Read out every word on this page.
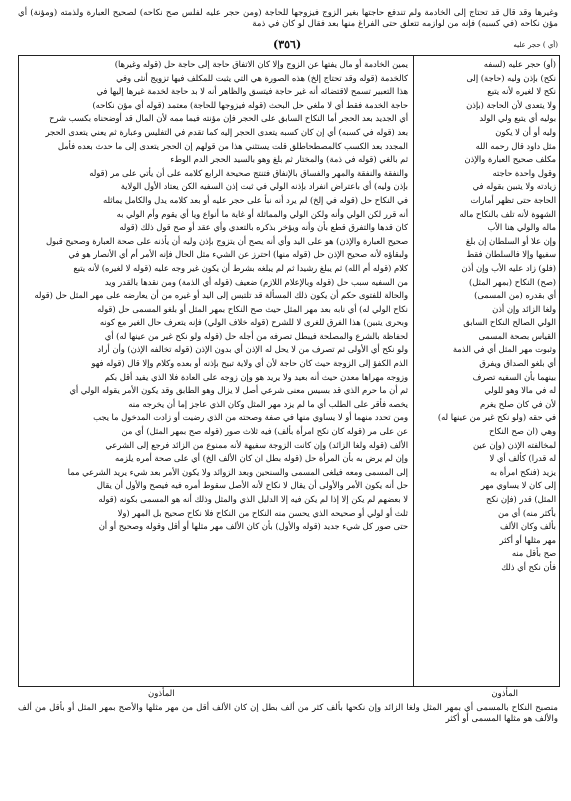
وغيرها وقد قال قد تحتاج إلى الخادمة ولم تندفع حاجتها بغير الزوج فيزوجها للحاجة (ومن حجر عليه لفلس صح نكاحه) لصحيح العبارة ولذمته (ومؤنة) أي مؤن نكاحه (في كسبه) فإنه من لوازمه تتعلق حتى الفراغ منها بعد فقال لو كان في ذمة
(٣٥٦)	(أي ) حجر عليه
يمين الخادمة أو مال يفتها عن الزوج وإلا كان الاتفاق حاجة إلى حاجة حل (قوله وغيرها)
كالخدمة (قوله وقد تحتاج إلخ) هذه الصورة هي التي يثبت للمكلف فيها تزويج أنثى وفي
هذا التعبير تسمح لاقتضائه أنه غير حاجة فيتسق والظاهر أنه لا بد حاجة لخدمة غيرها إليها في
حاجة الخدمة فقط أي لا ملغي حل البحث (قوله فيزوجها للحاجة) معتمد (قوله أي مؤن نكاحه)
أي الجديد بعد الحجر أما النكاح السابق على الحجر فإن مؤنته فيما ممه لأن المال قد أوضحناه بكسب شرح
بعد (قوله في كسبه) أي إن كان كسبه يتعدى الحجر إليه كما تقدم في التفليس وعبارة ثم يعني يتعدى الحجر
المجدد بعد الكسب كالمصطحاطلق قلت يستثني هذا من قولهم إن الحجر يتعدى إلى ما حدث بعده فأمل
ثم بالغي (قوله في ذمة) والمختار ثم بلغ وهو بالسيد الحجر الدم الوطء
والنفقة والنفقة والمهر والفساق بالإنفاق فتنتج صحيحة الرابع كلامه على أن يأتي على مر (قوله
بإذن وليه) أي باعتراض انفراد بإذنه الولي في ثبت إذن السفيه الكن يعتاد الأول الولاية
في النكاح حل (قوله في إلخ) لم يرد أنه نبأ على حجر عليه أو بعد كلامه يدل والكامل يماثله
أنه قرر لكن الولي وأنه ولكن الولي والمماثلة أو غاية ما أنواع ويا أي يقوم وأم الولي به
كان قدها والتفرق قطع بأن وأنه ويؤخر بذكره بالتعدي وأي عقد أو صح قول ذلك (قوله
صحيح العبارة والإذن) هو على اليد وأي أنه يصح أن يتزوج بإذن وليه أن يأذنه على صحة العبارة وصحيح قبول
ولبقاؤه لأنه صحيح الإذن حل (قوله منها) احترز عن الشيء مثل الحال فإنه الأمر أم أي الأنصار هو في
كلام (قوله أم الله) ثم يبلغ رشيدا ثم لم يبلغه بشرط أن يكون غير وجه عليه (قوله لا لغيره) لأنه يتبع
من السفيه سبب حل (قوله وبالإعلام اللازم) ضعيف (قوله أي الذمة) ومن نقدها بالقدر ويد
والحالة للفتوى حكم أن يكون ذلك المسألة قد تلتبس إلى اليد أو غيره من أن يعارضه على مهر المثل حل (قوله
نكاح الولي له) أي نابه بعد مهر المثل حيث صح النكاح بمهر المثل أو بلغو المسمى حل (قوله
وبحرى يتبين) هذا الفرق للغرى لا للشرح (قوله خلاف الولي) فإنه يتعرف حال الغير مع كونه
لحفاظة بالشرع والمصلحة فيبطل تصرفه من أجله حل (قوله ولو نكح غير من عينها له) أي
ولو نكح أي الأولى ثم تصرف من لا يحل له الإذن أي بدون الإذن (قوله تخالفه الإذن) وأن أراد
الذم الكفؤ إلى الزوجة حيث كان حاجة لأن أي ولاية تبيح بإذنه أو بعده وكلام وإلا قال (قوله فهو
وزوجه مهراها معدن حيث أنه بعيد ولا يريد هو وإن زوجه على العادة فلا الذي يفيد أقل بكم
ثم أن ما حرم الذي قد بسيس معنى شرعي أصل لا يزال وهو الطابق وقد يكون الأمر يقوله الولي أي
يخصه فأقر على الطلب أي ما لم يزد مهر المثل وكان الذي عاجز إما أن يخرجه منه
ومن تحدد منهما أو لا يساوي منها في صفة وصحته من الذي رضيت أو زادت المدخول ما يجب
عن على مر (قوله كان نكح امرأة بألف) فيه ثلاث صور (قوله صح بمهر المثل) أي من
الألف (قوله ولغا الزائد) وإن كانت الزوجة سفيهة لأنه ممنوع من الزائد فرجع إلى الشرعي
وإن لم يرض به بأن المرأة حل (قوله بطل ان كان الألف الخ) أي على صحة أمره يلزمه
إلى المسمى ومعه فيلغى المسمى والسنحين وبعد الزوائد ولا يكون الأمر بعد شيء يريد الشرعي مما
حل أنه يكون الأمر والأولى أن يقال لا نكاح لأنه الأصل سقوط أمره فيه فيصح والأول أن يقال
لا بعضهم لم يكن إلا إذا لم يكن فيه إلا الدليل الذي والمثل وذلك أنه هو المسمى بكونه (قوله
ثلث أو لولي أو صحيحه الذي يحسن منه النكاح من النكاح فلا نكاح صحيح بل المهر (ولا
حتى صور كل شيء جديد (قوله والأول) بأن كان الألف مهر مثلها أو أقل وقوله وصحيح أو أن
(أو) حجر عليه (لسفه
نكح) بإذن وليه (حاجة) إلى
نكح لا لغيره لأنه يتبع
ولا يتعدى لأن الحاجة (بإذن
بوليه أي يتبع ولي الولد
وليه أو أن لا يكون
مثل داود قال رحمه الله
مكلف صحيح العبارة والإذن
وقول واحدة حاجته
زيادته ولا يتبين بقوله في
الحاجة حتى تظهر أمارات
الشهوة لأنه تلف بالنكاح ماله
ماله والولي هنا الأب
وإن علا أو السلطان إن بلغ
سفيها وإلا فالسلطان فقط
(فلو) زاد عليه الأب وإن أذن
(صح) النكاح (بمهر المثل)
أي بقدره (من المسمى)
ولغا الزائد وإن أذن
الولي الصالح النكاح السابق
القياس بصحة المسمى
وثبوت مهر المثل أي في الذمة
أي بلغو الصداق ويفرق
بينهما بأن السفيه تصرف
له في مالا وهو للولي
لأن في كان صلح يغرم
في حقه (ولو نكح غير من عينها له)
وهي (ان صح النكاح
لمخالفته الإذن (وإن عين
له قدرا) كألف أي لا
يزيد (فنكح امرأة به
إلى كان لا يساوي مهر
المثل) قدر (فإن نكح
بأكثر منه) أي من
بألف وكان الألف
مهر مثلها أو أكثر
صح بأقل منه
فأن نكح أي ذلك
المأذون
المأذون
منصبح النكاح بالمسمى أي بمهر المثل ولغا الزائد وإن نكحها بألف كثر من ألف بطل إن كان الألف أقل من مهر مثلها والأصح بمهر المثل أو بأقل من ألف والألف هو مثلها المسمى أو أكثر
